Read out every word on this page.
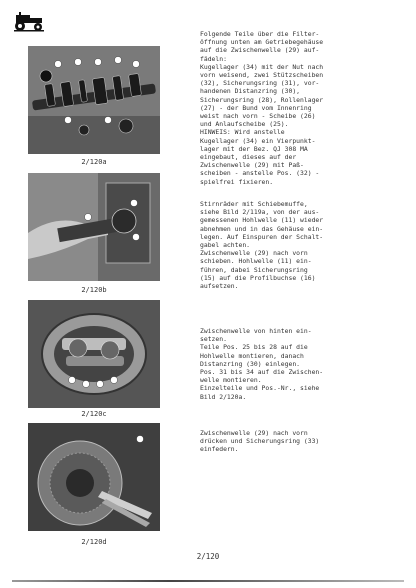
2/120a
2/120b
2/120c
2/120d
Folgende Teile über die Filter-
öffnung unten am Getriebegehäuse
auf die Zwischenwelle (29) auf-
fädeln:
Kugellager (34) mit der Nut nach
vorn weisend, zwei Stützscheiben
(32), Sicherungsring (31), vor-
handenen Distanzring (30),
Sicherungsring (28), Rollenlager
(27) - der Bund vom Innenring
weist nach vorn - Scheibe (26)
und Anlaufscheibe (25).
HINWEIS: Wird anstelle
Kugellager (34) ein Vierpunkt-
lager mit der Bez. QJ 308 MA
eingebaut, dieses auf der
Zwischenwelle (29) mit Paß-
scheiben - anstelle Pos. (32) -
spielfrei fixieren.
Stirnräder mit Schiebemuffe,
siehe Bild 2/119a, von der aus-
gemessenen Hohlwelle (11) wieder
abnehmen und in das Gehäuse ein-
legen. Auf Einspuren der Schalt-
gabel achten.
Zwischenwelle (29) nach vorn
schieben. Hohlwelle (11) ein-
führen, dabei Sicherungsring
(15) auf die Profilbuchse (16)
aufsetzen.
Zwischenwelle von hinten ein-
setzen.
Teile Pos. 25 bis 28 auf die
Hohlwelle montieren, danach
Distanzring (30) einlegen.
Pos. 31 bis 34 auf die Zwischen-
welle montieren.
Einzelteile und Pos.-Nr., siehe
Bild 2/120a.
Zwischenwelle (29) nach vorn
drücken und Sicherungsring (33)
einfedern.
2/120
